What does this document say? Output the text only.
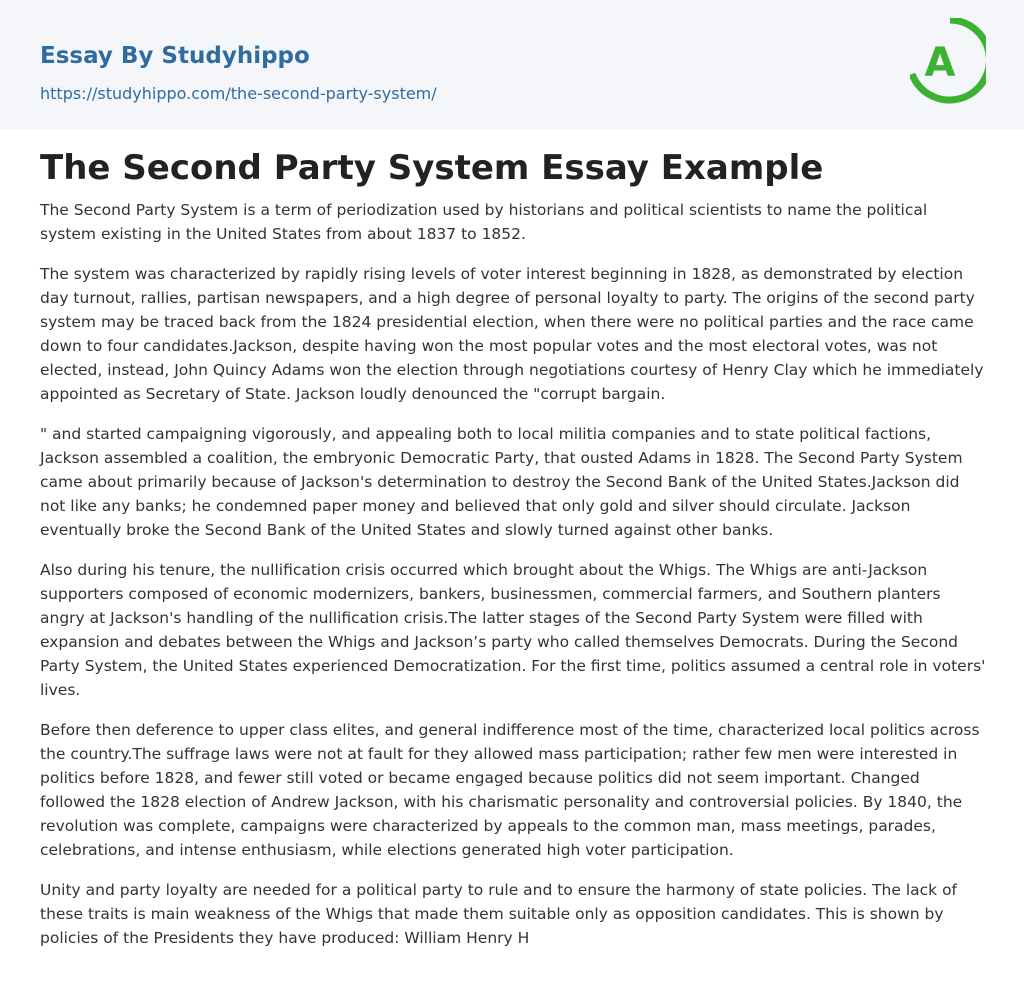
Essay By Studyhippo
https://studyhippo.com/the-second-party-system/
A
The Second Party System Essay Example

The Second Party System is a term of periodization used by historians and political scientists to name the political system existing in the United States from about 1837 to 1852.

The system was characterized by rapidly rising levels of voter interest beginning in 1828, as demonstrated by election day turnout, rallies, partisan newspapers, and a high degree of personal loyalty to party. The origins of the second party system may be traced back from the 1824 presidential election, when there were no political parties and the race came down to four candidates.Jackson, despite having won the most popular votes and the most electoral votes, was not elected, instead, John Quincy Adams won the election through negotiations courtesy of Henry Clay which he immediately appointed as Secretary of State. Jackson loudly denounced the "corrupt bargain.

" and started campaigning vigorously, and appealing both to local militia companies and to state political factions, Jackson assembled a coalition, the embryonic Democratic Party, that ousted Adams in 1828. The Second Party System came about primarily because of Jackson's determination to destroy the Second Bank of the United States.Jackson did not like any banks; he condemned paper money and believed that only gold and silver should circulate. Jackson eventually broke the Second Bank of the United States and slowly turned against other banks.

Also during his tenure, the nullification crisis occurred which brought about the Whigs. The Whigs are anti-Jackson supporters composed of economic modernizers, bankers, businessmen, commercial farmers, and Southern planters angry at Jackson's handling of the nullification crisis.The latter stages of the Second Party System were filled with expansion and debates between the Whigs and Jackson’s party who called themselves Democrats. During the Second Party System, the United States experienced Democratization. For the first time, politics assumed a central role in voters' lives.

Before then deference to upper class elites, and general indifference most of the time, characterized local politics across the country.The suffrage laws were not at fault for they allowed mass participation; rather few men were interested in politics before 1828, and fewer still voted or became engaged because politics did not seem important. Changed followed the 1828 election of Andrew Jackson, with his charismatic personality and controversial policies. By 1840, the revolution was complete, campaigns were characterized by appeals to the common man, mass meetings, parades, celebrations, and intense enthusiasm, while elections generated high voter participation.

Unity and party loyalty are needed for a political party to rule and to ensure the harmony of state policies. The lack of these traits is main weakness of the Whigs that made them suitable only as opposition candidates. This is shown by policies of the Presidents they have produced: William Henry H
